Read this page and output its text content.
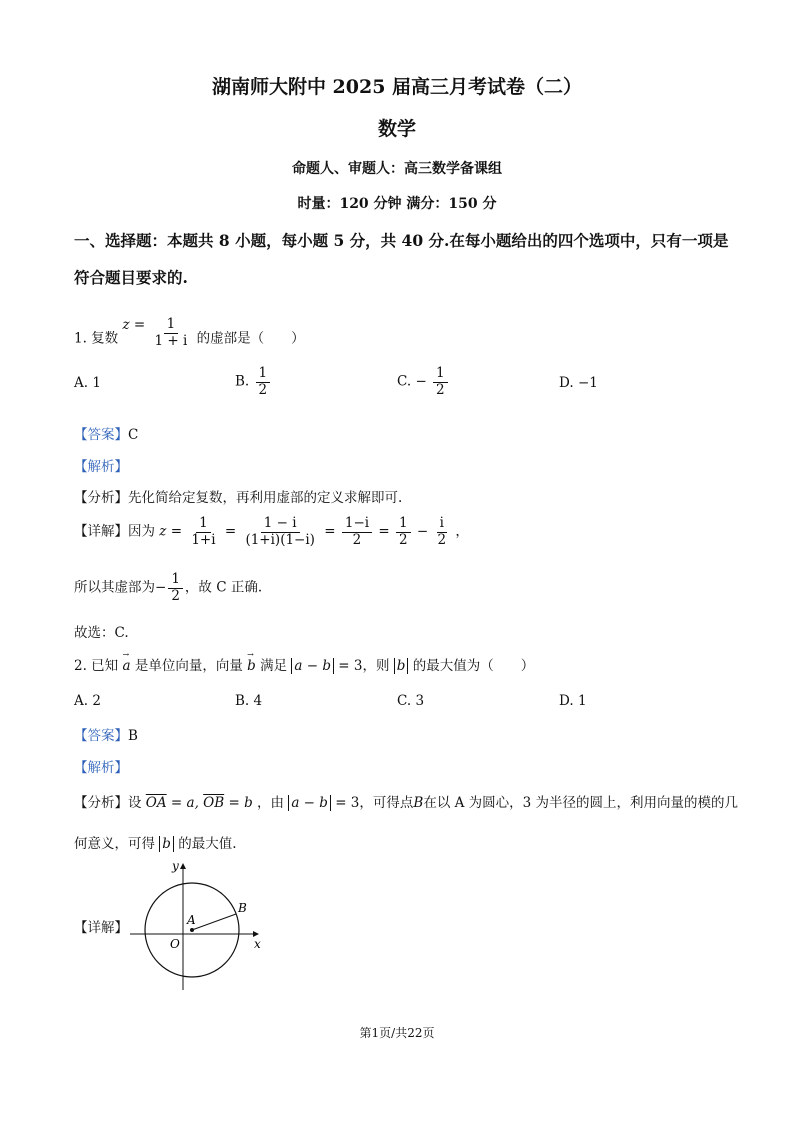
湖南师大附中 2025 届高三月考试卷（二）
数学
命题人、审题人：高三数学备课组
时量：120 分钟 满分：150 分
一、选择题：本题共 8 小题，每小题 5 分，共 40 分.在每小题给出的四个选项中，只有一项是
符合题目要求的.
1. 复数 $z = \frac{1}{1 + i}$ 的虚部是（　　）
A. 1	B. $\frac{1}{2}$	C. − $\frac{1}{2}$	D. −1
【答案】C
【解析】
【分析】先化简给定复数，再利用虚部的定义求解即可.
【详解】因为 $z = \frac{1}{1+i} = \frac{1 - i}{(1+i)(1-i)} = \frac{1-i}{2} = \frac{1}{2} - \frac{i}{2}$ ，
所以其虚部为− $\frac{1}{2}$ ，故 C 正确.
故选：C.
2. 已知 → a 是单位向量，向量 → b 满足 a − b = 3，则 b 的最大值为（　　）
A. 2	B. 4	C. 3	D. 1
【答案】B
【解析】
【分析】设 $\overline{OA} = a$, $\overline{OB} = b$ ，由 a − b = 3，可得点B在以 A 为圆心，3 为半径的圆上，利用向量的模的几
何意义，可得 b 的最大值.
【详解】
y
x
O
A
B
第1页/共22页
